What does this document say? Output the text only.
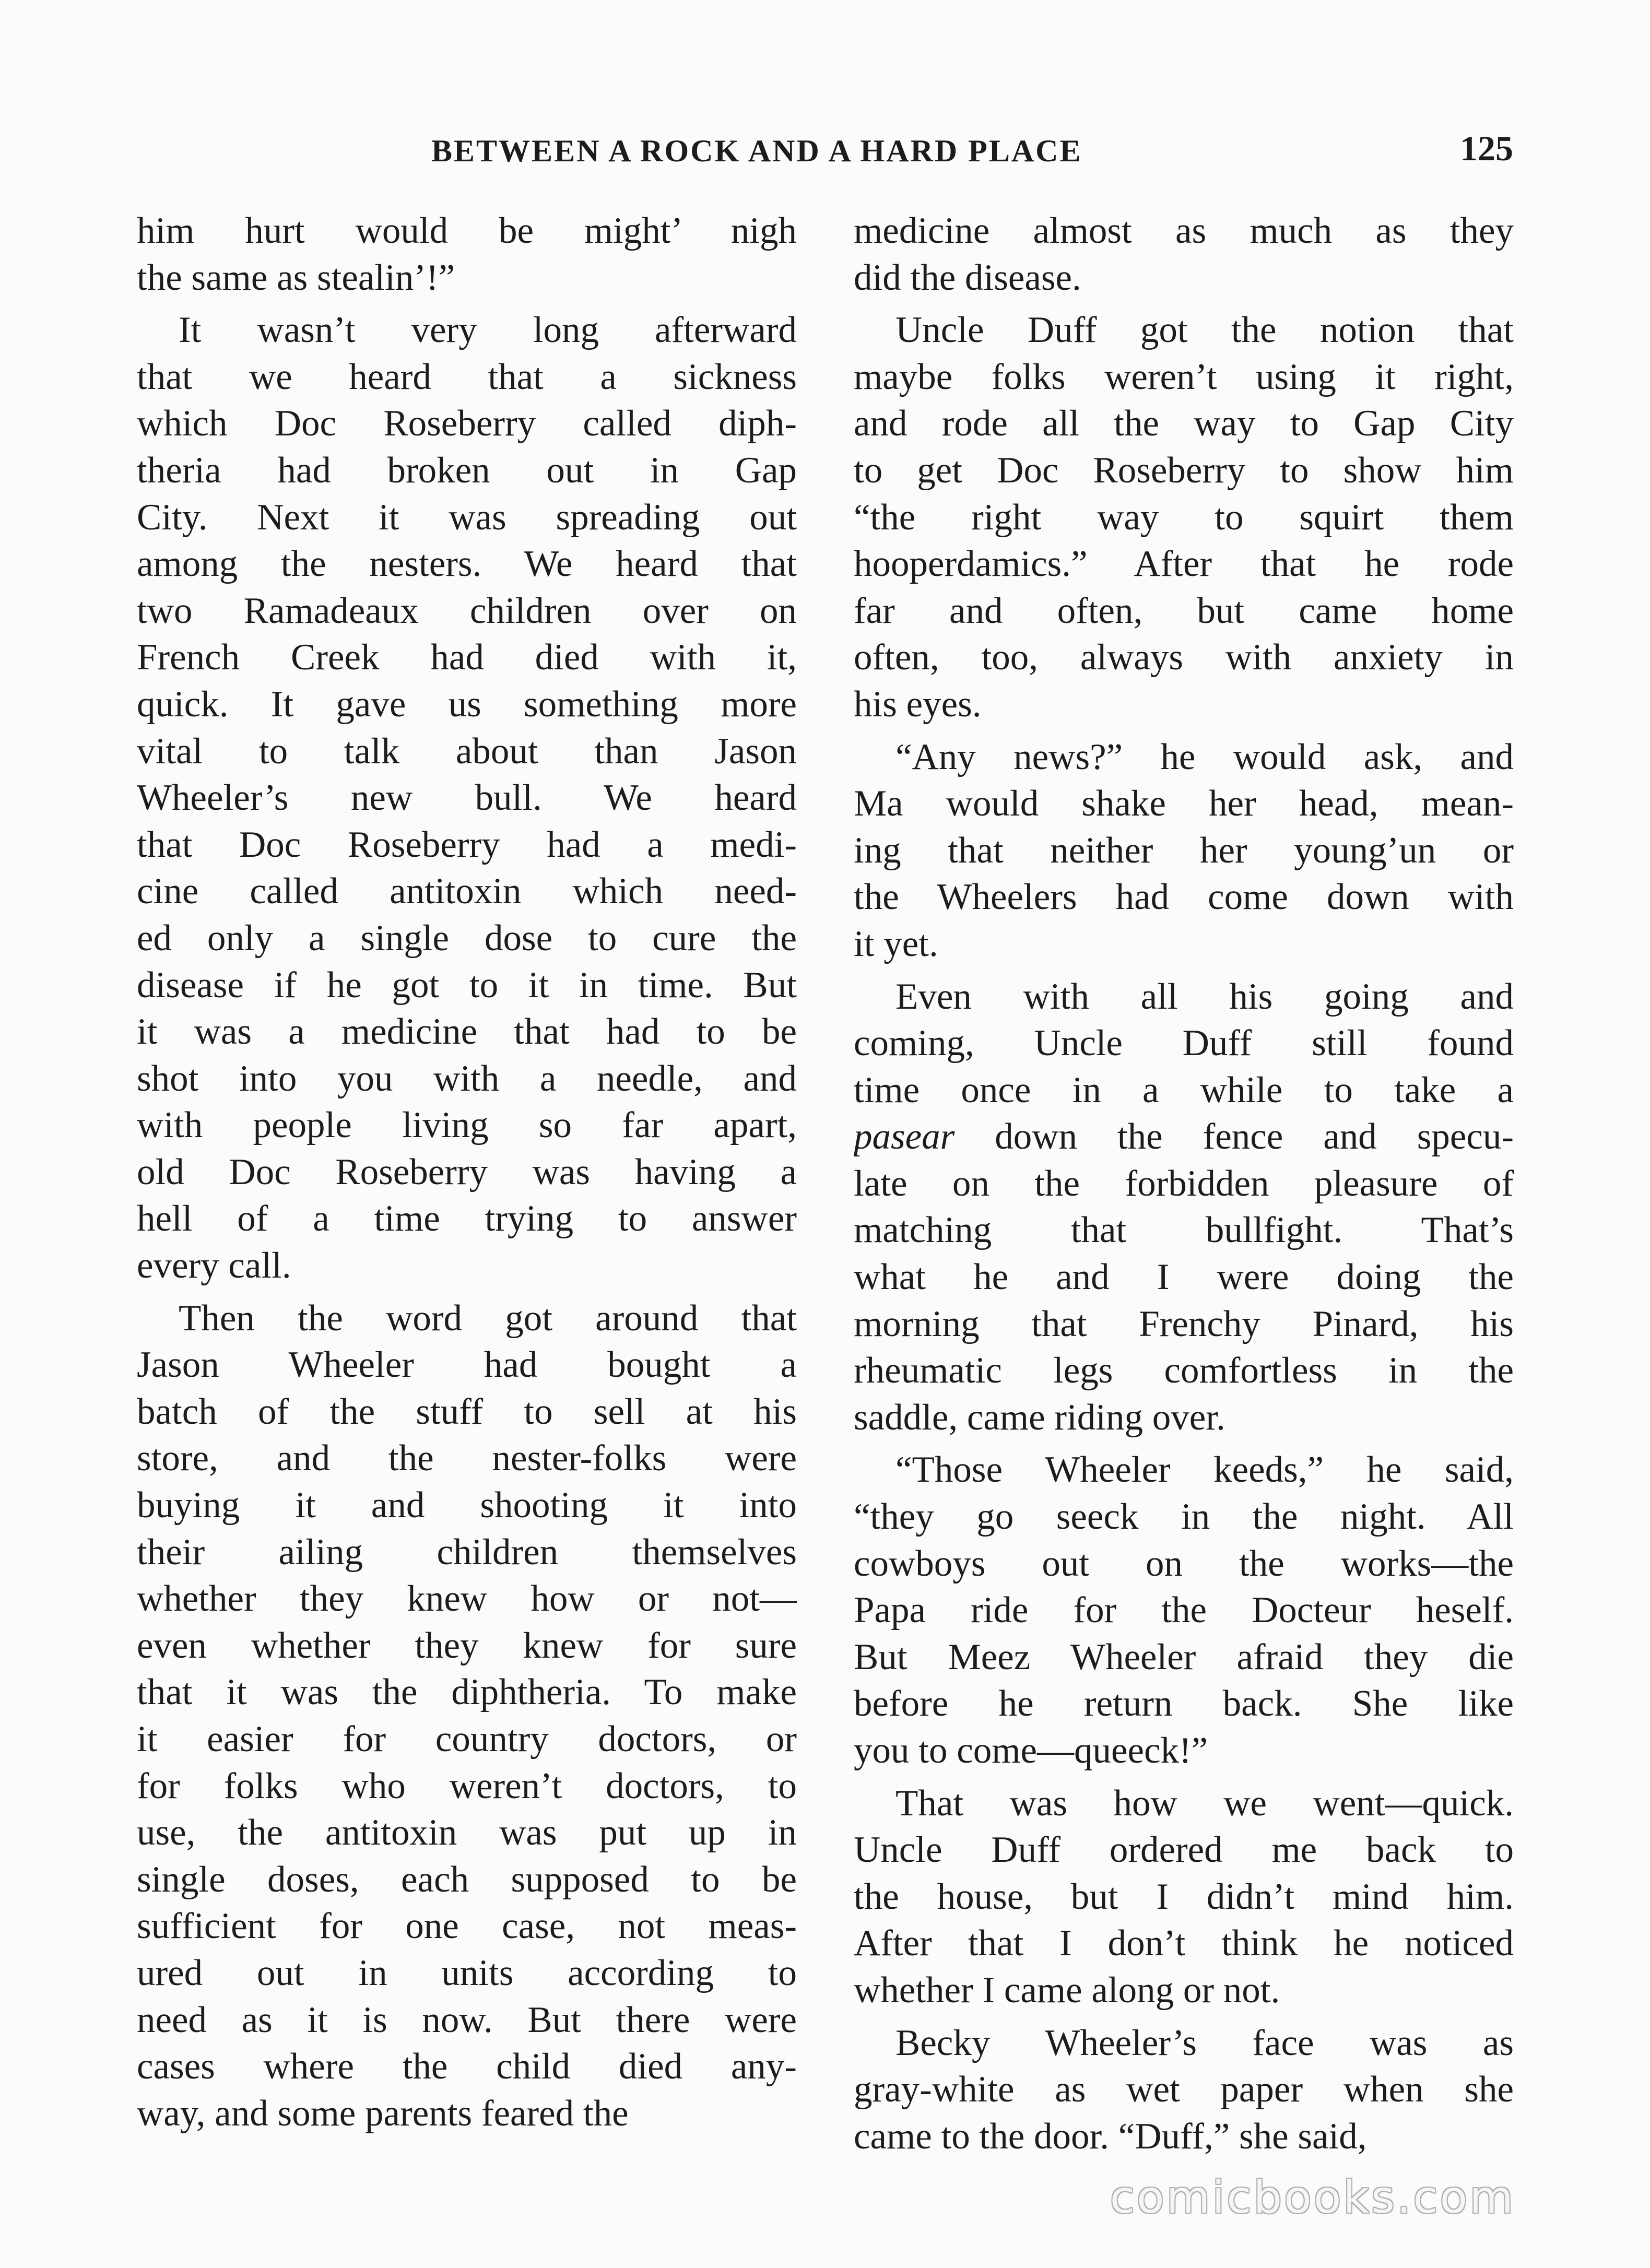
BETWEEN A ROCK AND A HARD PLACE	125

him hurt would be might’ nigh
the same as stealin’!”

It wasn’t very long afterward
that we heard that a sickness
which Doc Roseberry called diph-
theria had broken out in Gap
City. Next it was spreading out
among the nesters. We heard that
two Ramadeaux children over on
French Creek had died with it,
quick. It gave us something more
vital to talk about than Jason
Wheeler’s new bull. We heard
that Doc Roseberry had a medi-
cine called antitoxin which need-
ed only a single dose to cure the
disease if he got to it in time. But
it was a medicine that had to be
shot into you with a needle, and
with people living so far apart,
old Doc Roseberry was having a
hell of a time trying to answer
every call.

Then the word got around that
Jason Wheeler had bought a
batch of the stuff to sell at his
store, and the nester-folks were
buying it and shooting it into
their ailing children themselves
whether they knew how or not—
even whether they knew for sure
that it was the diphtheria. To make
it easier for country doctors, or
for folks who weren’t doctors, to
use, the antitoxin was put up in
single doses, each supposed to be
sufficient for one case, not meas-
ured out in units according to
need as it is now. But there were
cases where the child died any-
way, and some parents feared the

medicine almost as much as they
did the disease.

Uncle Duff got the notion that
maybe folks weren’t using it right,
and rode all the way to Gap City
to get Doc Roseberry to show him
“the right way to squirt them
hooperdamics.” After that he rode
far and often, but came home
often, too, always with anxiety in
his eyes.

“Any news?” he would ask, and
Ma would shake her head, mean-
ing that neither her young’un or
the Wheelers had come down with
it yet.

Even with all his going and
coming, Uncle Duff still found
time once in a while to take a
pasear down the fence and specu-
late on the forbidden pleasure of
matching that bullfight. That’s
what he and I were doing the
morning that Frenchy Pinard, his
rheumatic legs comfortless in the
saddle, came riding over.

“Those Wheeler keeds,” he said,
“they go seeck in the night. All
cowboys out on the works—the
Papa ride for the Docteur heself.
But Meez Wheeler afraid they die
before he return back. She like
you to come—queeck!”

That was how we went—quick.
Uncle Duff ordered me back to
the house, but I didn’t mind him.
After that I don’t think he noticed
whether I came along or not.

Becky Wheeler’s face was as
gray-white as wet paper when she
came to the door. “Duff,” she said,

comicbooks.com
